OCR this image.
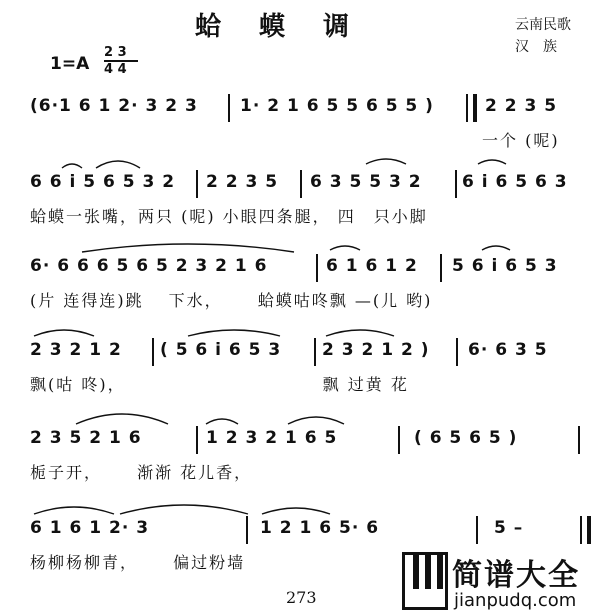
蛤蟆调	云南民歌
汉　族
1=A
2 3
4 4
(6·1 6 1 2· 3 2 3 1· 2 1 6 5 5 6 5 5 )	2 2 3 5
一个 (呢)
6 6 i 5 6 5 3 2 2 2 3 5 6 3 5 5 3 2 6 i 6 5 6 3
蛤蟆一张嘴，两只 (呢) 小眼四条腿， 四　只小脚
6· 6 6 6 5 6 5 2 3 2 1 6	6 1 6 1 2 5 6 i 6 5 3
(片 连得连)跳　 下水，　　 蛤蟆咕咚飘 —(儿 哟)
2 3 2 1 2 ( 5 6 i 6 5 3 2 3 2 1 2 ) 6· 6 3 5
飘(咕 咚)，　　　　　　　　　　　 飘 过黄 花
2 3 5 2 1 6	1 2 3 2 1 6 5	( 6 5 6 5 )
栀子开，　　 渐渐 花儿香，
6 1 6 1 2· 3	1 2 1 6 5· 6	5 –
杨柳杨柳青，　　 偏过粉墙
273
简谱大全
jianpudq.com
